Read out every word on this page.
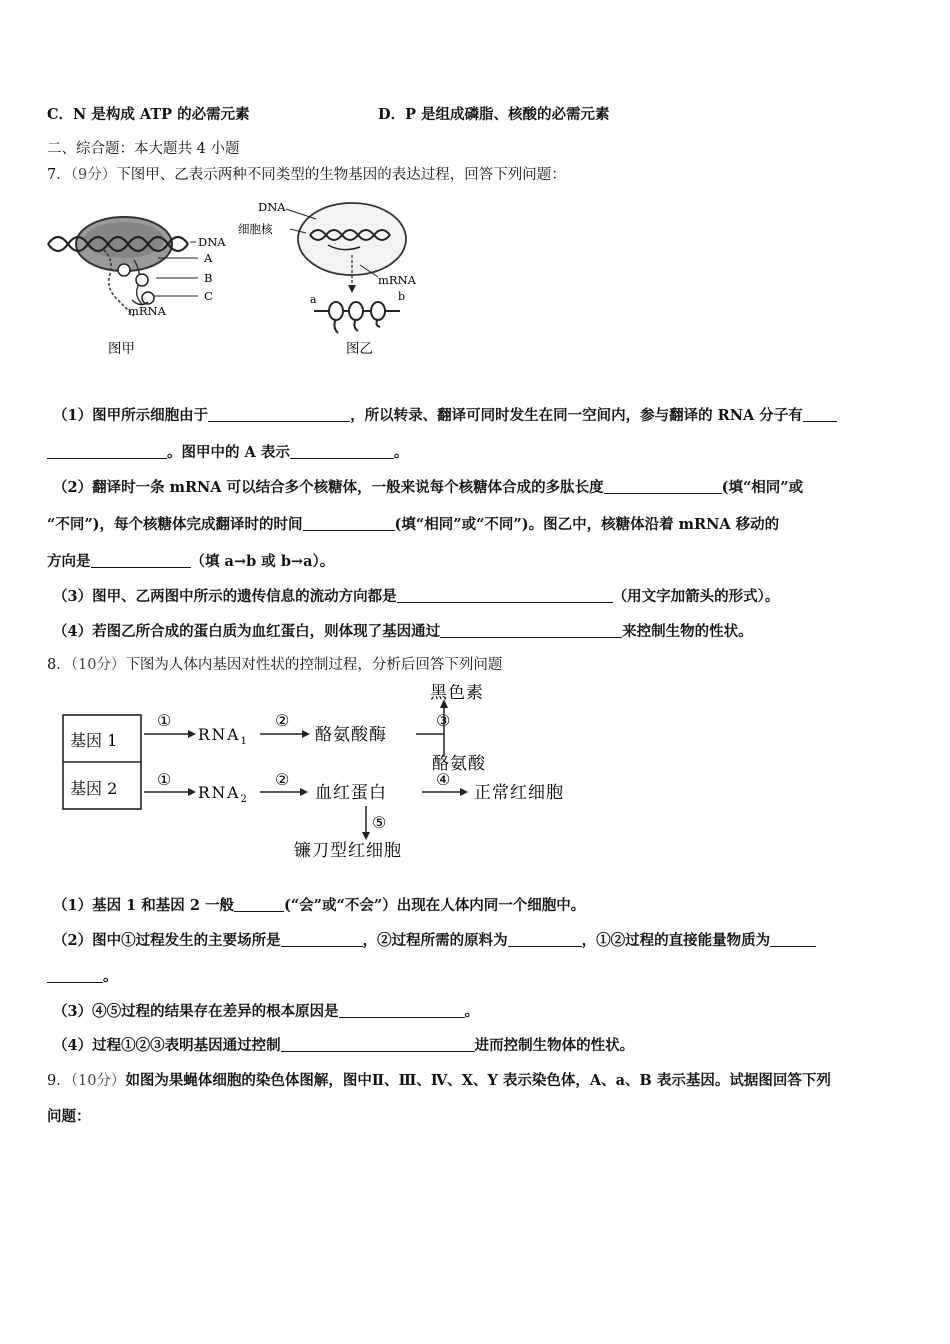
C．N 是构成 ATP 的必需元素	D．P 是组成磷脂、核酸的必需元素
二、综合题：本大题共 4 小题
7．（9分）下图甲、乙表示两种不同类型的生物基因的表达过程，回答下列问题：
DNA
A
B
C
mRNA
图甲
DNA
细胞核
mRNA
a	b
图乙
（1）图甲所示细胞由于	，所以转录、翻译可同时发生在同一空间内，参与翻译的 RNA 分子有
。图甲中的 A 表示	。
（2）翻译时一条 mRNA 可以结合多个核糖体，一般来说每个核糖体合成的多肽长度	(填“相同”或
“不同”)，每个核糖体完成翻译时的时间	(填“相同”或“不同”)。图乙中，核糖体沿着 mRNA 移动的
方向是	（填 a→b 或 b→a）。
（3）图甲、乙两图中所示的遗传信息的流动方向都是	（用文字加箭头的形式）。
（4）若图乙所合成的蛋白质为血红蛋白，则体现了基因通过	来控制生物的性状。
8．（10分）下图为人体内基因对性状的控制过程，分析后回答下列问题
基因 1
基因 2
①
$RNA_1$
②
酪氨酸酶
③
黑色素
酪氨酸
①
$RNA_2$
②
血红蛋白
④
正常红细胞
⑤
镰刀型红细胞
（1）基因 1 和基因 2 一般	(“会”或“不会”）出现在人体内同一个细胞中。
（2）图中①过程发生的主要场所是	，②过程所需的原料为	，①②过程的直接能量物质为
。
（3）④⑤过程的结果存在差异的根本原因是	。
（4）过程①②③表明基因通过控制	进而控制生物体的性状。
9．（10分）如图为果蝇体细胞的染色体图解，图中Ⅱ、Ⅲ、Ⅳ、X、Y 表示染色体，A、a、B 表示基因。试据图回答下列
问题：
